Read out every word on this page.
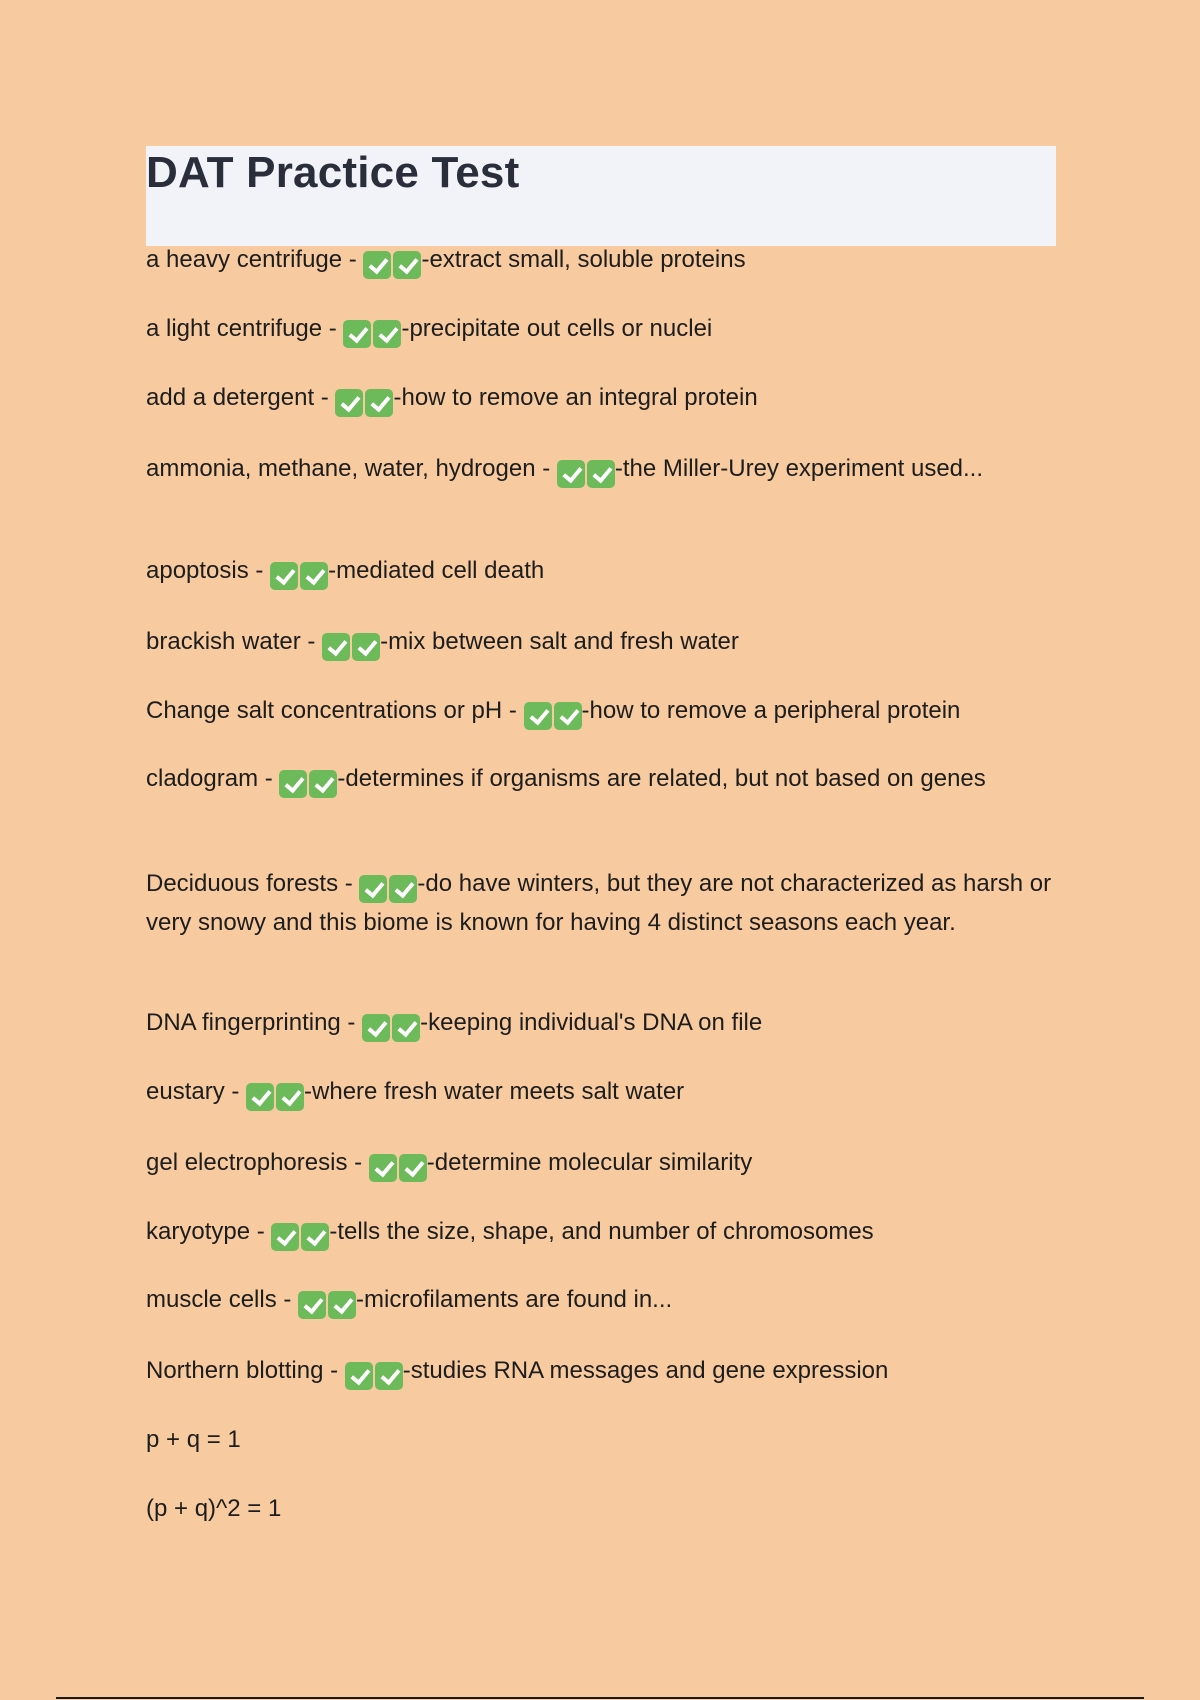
DAT Practice Test
a heavy centrifuge - -extract small, soluble proteins
a light centrifuge - -precipitate out cells or nuclei
add a detergent - -how to remove an integral protein
ammonia, methane, water, hydrogen - -the Miller-Urey experiment used...
apoptosis - -mediated cell death
brackish water - -mix between salt and fresh water
Change salt concentrations or pH - -how to remove a peripheral protein
cladogram - -determines if organisms are related, but not based on genes
Deciduous forests - -do have winters, but they are not characterized as harsh or very snowy and this biome is known for having 4 distinct seasons each year.
DNA fingerprinting - -keeping individual's DNA on file
eustary - -where fresh water meets salt water
gel electrophoresis - -determine molecular similarity
karyotype - -tells the size, shape, and number of chromosomes
muscle cells - -microfilaments are found in...
Northern blotting - -studies RNA messages and gene expression
p + q = 1
(p + q)^2 = 1
